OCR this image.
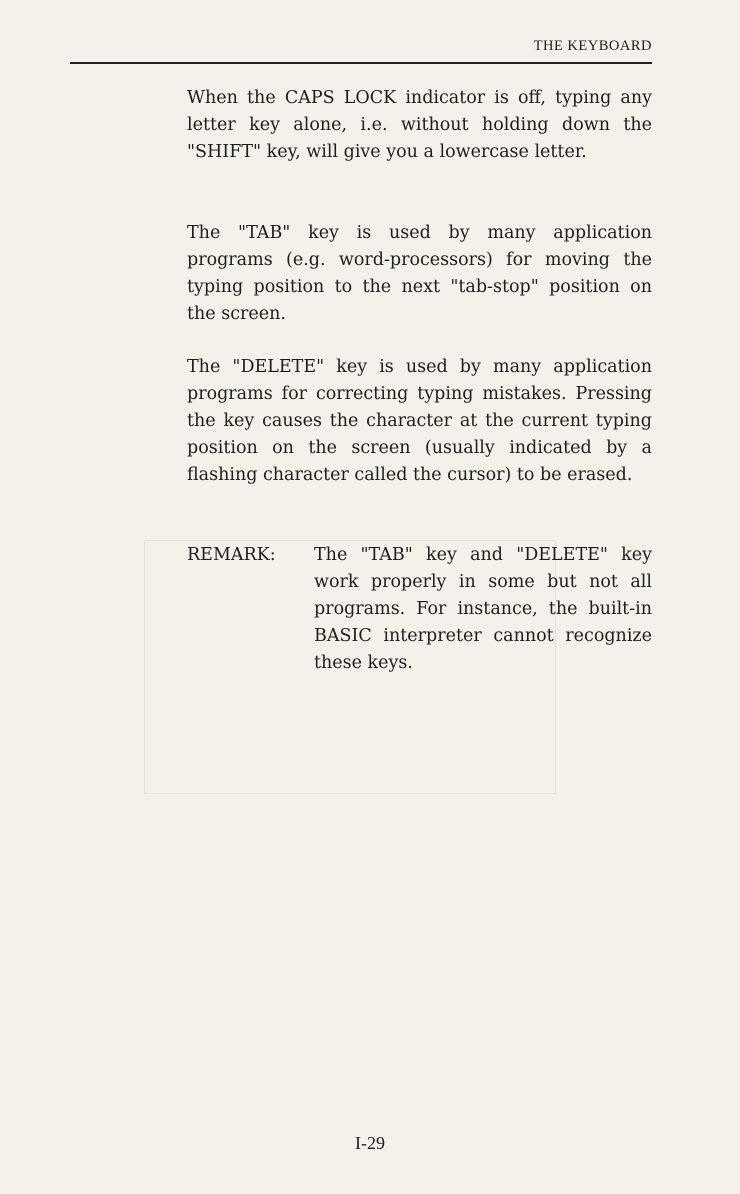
THE KEYBOARD

When the CAPS LOCK indicator is off, typing any letter key alone, i.e. without holding down the "SHIFT" key, will give you a lowercase letter.

The "TAB" key is used by many application programs (e.g. word-processors) for moving the typing position to the next "tab-stop" position on the screen.

The "DELETE" key is used by many application programs for correcting typing mistakes. Pressing the key causes the character at the current typing position on the screen (usually indicated by a flashing character called the cursor) to be erased.

REMARK: The "TAB" key and "DELETE" key work properly in some but not all programs. For instance, the built-in BASIC interpreter cannot recognize these keys.
I-29
